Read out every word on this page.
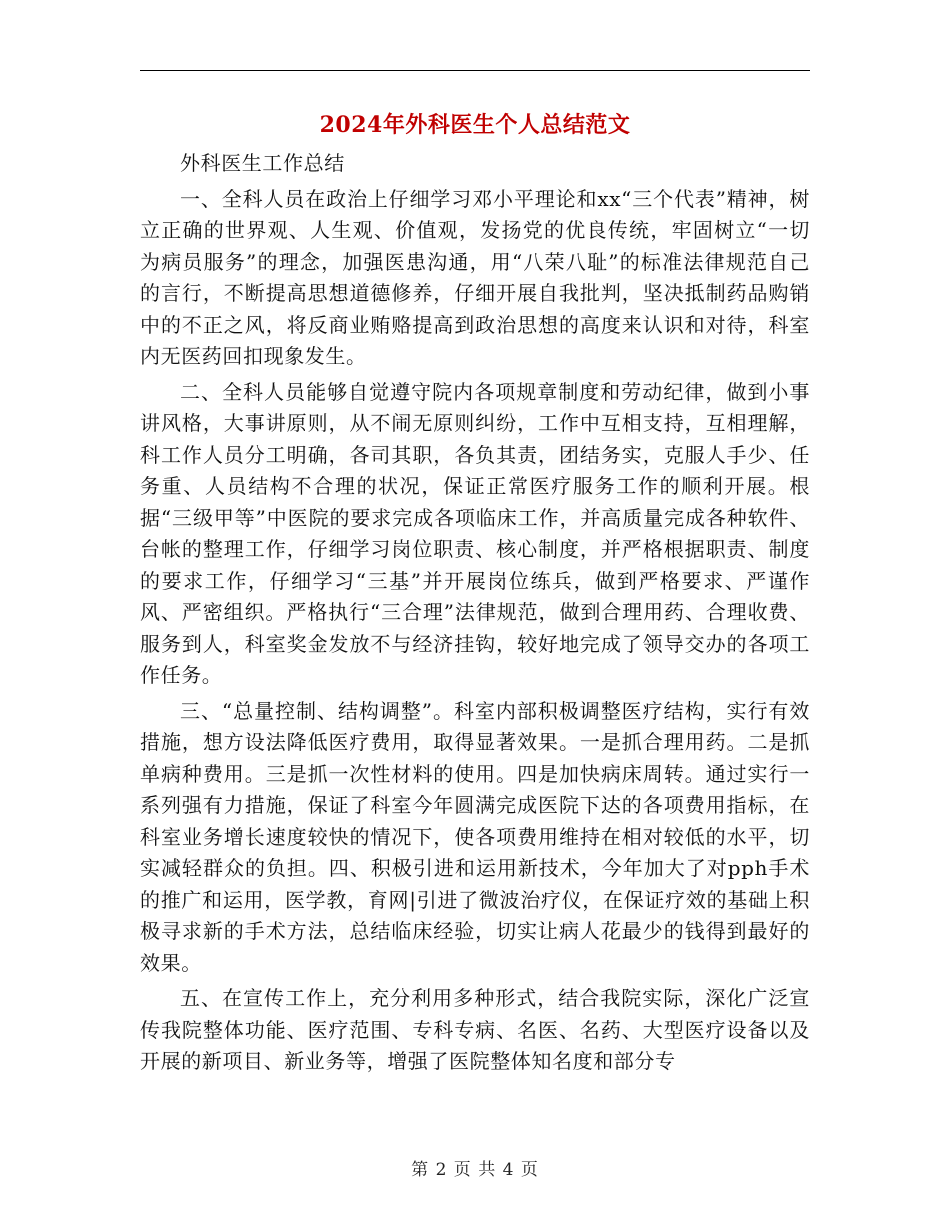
2024年外科医生个人总结范文

外科医生工作总结

一、全科人员在政治上仔细学习邓小平理论和xx“三个代表”精神，树立正确的世界观、人生观、价值观，发扬党的优良传统，牢固树立“一切为病员服务”的理念，加强医患沟通，用“八荣八耻”的标准法律规范自己的言行，不断提高思想道德修养，仔细开展自我批判，坚决抵制药品购销中的不正之风，将反商业贿赂提高到政治思想的高度来认识和对待，科室内无医药回扣现象发生。

二、全科人员能够自觉遵守院内各项规章制度和劳动纪律，做到小事讲风格，大事讲原则，从不闹无原则纠纷，工作中互相支持，互相理解，科工作人员分工明确，各司其职，各负其责，团结务实，克服人手少、任务重、人员结构不合理的状况，保证正常医疗服务工作的顺利开展。根据“三级甲等”中医院的要求完成各项临床工作，并高质量完成各种软件、台帐的整理工作，仔细学习岗位职责、核心制度，并严格根据职责、制度的要求工作，仔细学习“三基”并开展岗位练兵，做到严格要求、严谨作风、严密组织。严格执行“三合理”法律规范，做到合理用药、合理收费、服务到人，科室奖金发放不与经济挂钩，较好地完成了领导交办的各项工作任务。

三、“总量控制、结构调整”。科室内部积极调整医疗结构，实行有效措施，想方设法降低医疗费用，取得显著效果。一是抓合理用药。二是抓单病种费用。三是抓一次性材料的使用。四是加快病床周转。通过实行一系列强有力措施，保证了科室今年圆满完成医院下达的各项费用指标，在科室业务增长速度较快的情况下，使各项费用维持在相对较低的水平，切实减轻群众的负担。四、积极引进和运用新技术，今年加大了对pph手术的推广和运用，医学教，育网|引进了微波治疗仪，在保证疗效的基础上积极寻求新的手术方法，总结临床经验，切实让病人花最少的钱得到最好的效果。

五、在宣传工作上，充分利用多种形式，结合我院实际，深化广泛宣传我院整体功能、医疗范围、专科专病、名医、名药、大型医疗设备以及开展的新项目、新业务等，增强了医院整体知名度和部分专

第 2 页 共 4 页
